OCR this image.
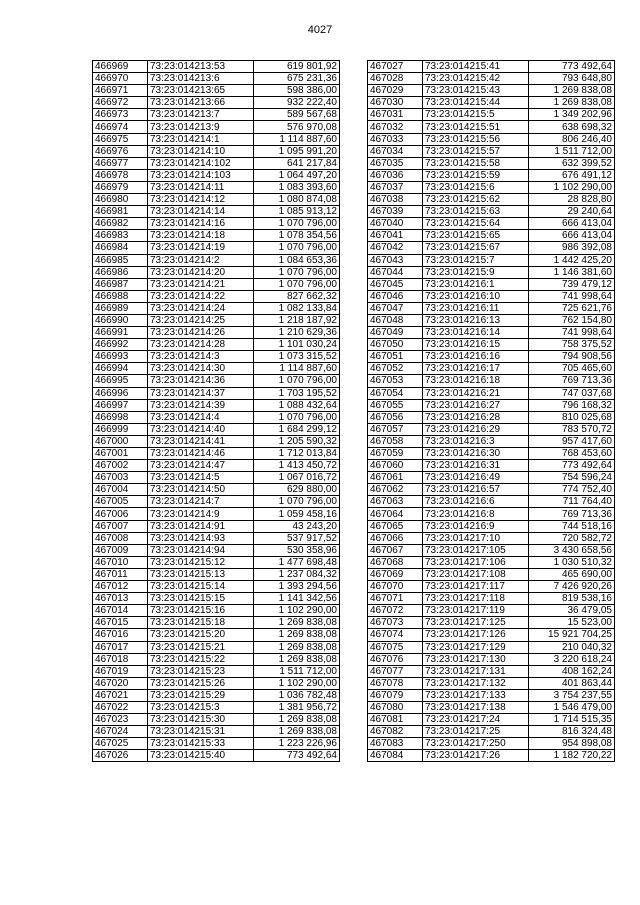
4027
466969	73:23:014213:53	619 801,92
466970	73:23:014213:6	675 231,36
466971	73:23:014213:65	598 386,00
466972	73:23:014213:66	932 222,40
466973	73:23:014213:7	589 567,68
466974	73:23:014213:9	576 970,08
466975	73:23:014214:1	1 114 887,60
466976	73:23:014214:10	1 095 991,20
466977	73:23:014214:102	641 217,84
466978	73:23:014214:103	1 064 497,20
466979	73:23:014214:11	1 083 393,60
466980	73:23:014214:12	1 080 874,08
466981	73:23:014214:14	1 085 913,12
466982	73:23:014214:16	1 070 796,00
466983	73:23:014214:18	1 078 354,56
466984	73:23:014214:19	1 070 796,00
466985	73:23:014214:2	1 084 653,36
466986	73:23:014214:20	1 070 796,00
466987	73:23:014214:21	1 070 796,00
466988	73:23:014214:22	827 662,32
466989	73:23:014214:24	1 082 133,84
466990	73:23:014214:25	1 218 187,92
466991	73:23:014214:26	1 210 629,36
466992	73:23:014214:28	1 101 030,24
466993	73:23:014214:3	1 073 315,52
466994	73:23:014214:30	1 114 887,60
466995	73:23:014214:36	1 070 796,00
466996	73:23:014214:37	1 703 195,52
466997	73:23:014214:39	1 088 432,64
466998	73:23:014214:4	1 070 796,00
466999	73:23:014214:40	1 684 299,12
467000	73:23:014214:41	1 205 590,32
467001	73:23:014214:46	1 712 013,84
467002	73:23:014214:47	1 413 450,72
467003	73:23:014214:5	1 067 016,72
467004	73:23:014214:50	629 880,00
467005	73:23:014214:7	1 070 796,00
467006	73:23:014214:9	1 059 458,16
467007	73:23:014214:91	43 243,20
467008	73:23:014214:93	537 917,52
467009	73:23:014214:94	530 358,96
467010	73:23:014215:12	1 477 698,48
467011	73:23:014215:13	1 237 084,32
467012	73:23:014215:14	1 393 294,56
467013	73:23:014215:15	1 141 342,56
467014	73:23:014215:16	1 102 290,00
467015	73:23:014215:18	1 269 838,08
467016	73:23:014215:20	1 269 838,08
467017	73:23:014215:21	1 269 838,08
467018	73:23:014215:22	1 269 838,08
467019	73:23:014215:23	1 511 712,00
467020	73:23:014215:26	1 102 290,00
467021	73:23:014215:29	1 036 782,48
467022	73:23:014215:3	1 381 956,72
467023	73:23:014215:30	1 269 838,08
467024	73:23:014215:31	1 269 838,08
467025	73:23:014215:33	1 223 226,96
467026	73:23:014215:40	773 492,64
467027	73:23:014215:41	773 492,64
467028	73:23:014215:42	793 648,80
467029	73:23:014215:43	1 269 838,08
467030	73:23:014215:44	1 269 838,08
467031	73:23:014215:5	1 349 202,96
467032	73:23:014215:51	638 698,32
467033	73:23:014215:56	806 246,40
467034	73:23:014215:57	1 511 712,00
467035	73:23:014215:58	632 399,52
467036	73:23:014215:59	676 491,12
467037	73:23:014215:6	1 102 290,00
467038	73:23:014215:62	28 828,80
467039	73:23:014215:63	29 240,64
467040	73:23:014215:64	666 413,04
467041	73:23:014215:65	666 413,04
467042	73:23:014215:67	986 392,08
467043	73:23:014215:7	1 442 425,20
467044	73:23:014215:9	1 146 381,60
467045	73:23:014216:1	739 479,12
467046	73:23:014216:10	741 998,64
467047	73:23:014216:11	725 621,76
467048	73:23:014216:13	762 154,80
467049	73:23:014216:14	741 998,64
467050	73:23:014216:15	758 375,52
467051	73:23:014216:16	794 908,56
467052	73:23:014216:17	705 465,60
467053	73:23:014216:18	769 713,36
467054	73:23:014216:21	747 037,68
467055	73:23:014216:27	796 168,32
467056	73:23:014216:28	810 025,68
467057	73:23:014216:29	783 570,72
467058	73:23:014216:3	957 417,60
467059	73:23:014216:30	768 453,60
467060	73:23:014216:31	773 492,64
467061	73:23:014216:49	754 596,24
467062	73:23:014216:57	774 752,40
467063	73:23:014216:6	711 764,40
467064	73:23:014216:8	769 713,36
467065	73:23:014216:9	744 518,16
467066	73:23:014217:10	720 582,72
467067	73:23:014217:105	3 430 658,56
467068	73:23:014217:106	1 030 510,32
467069	73:23:014217:108	465 690,00
467070	73:23:014217:117	7 426 920,26
467071	73:23:014217:118	819 538,16
467072	73:23:014217:119	36 479,05
467073	73:23:014217:125	15 523,00
467074	73:23:014217:126	15 921 704,25
467075	73:23:014217:129	210 040,32
467076	73:23:014217:130	3 220 618,24
467077	73:23:014217:131	408 162,24
467078	73:23:014217:132	401 863,44
467079	73:23:014217:133	3 754 237,55
467080	73:23:014217:138	1 546 479,00
467081	73:23:014217:24	1 714 515,35
467082	73:23:014217:25	816 324,48
467083	73:23:014217:250	954 898,08
467084	73:23:014217:26	1 182 720,22
